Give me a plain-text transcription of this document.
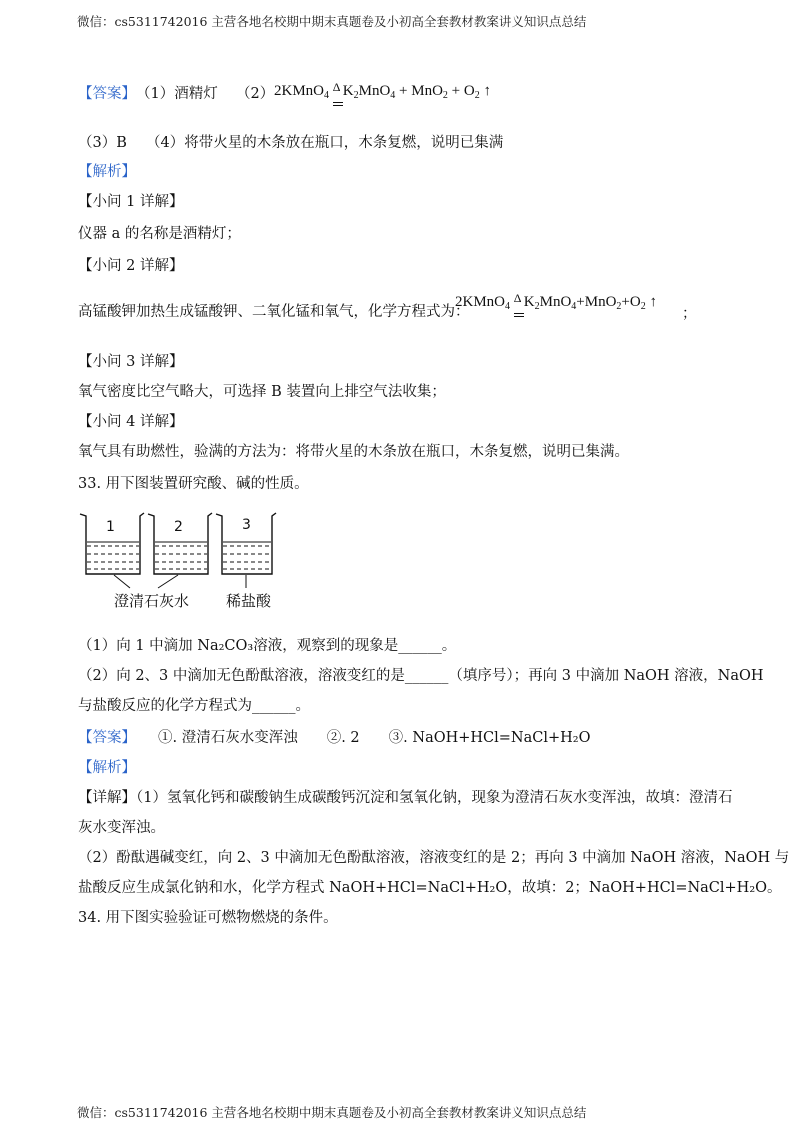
微信：cs5311742016 主营各地名校期中期末真题卷及小初高全套教材教案讲义知识点总结
【答案】 （1）酒精灯 （2） 2KMnO$_4$
Δ $K_2MnO_4 + MnO_2 + O_2$ ↑
（3）B （4）将带火星的木条放在瓶口，木条复燃，说明已集满
【解析】
【小问 1 详解】
仪器 a 的名称是酒精灯；
【小问 2 详解】
高锰酸钾加热生成锰酸钾、二氧化锰和氧气，化学方程式为：
2KMnO$_4$
Δ $K_2MnO_4+MnO_2+O_2$ ↑
；
【小问 3 详解】
氧气密度比空气略大，可选择 B 装置向上排空气法收集；
【小问 4 详解】
氧气具有助燃性，验满的方法为：将带火星的木条放在瓶口，木条复燃，说明已集满。
33. 用下图装置研究酸、碱的性质。
1	2	3
澄清石灰水 稀盐酸
（1）向 1 中滴加 Na₂CO₃溶液，观察到的现象是______。
（2）向 2、3 中滴加无色酚酞溶液，溶液变红的是______（填序号）；再向 3 中滴加 NaOH 溶液，NaOH
与盐酸反应的化学方程式为______。
【答案】 ①. 澄清石灰水变浑浊　　②. 2　　③. NaOH+HCl=NaCl+H₂O
【解析】
【详解】（1）氢氧化钙和碳酸钠生成碳酸钙沉淀和氢氧化钠，现象为澄清石灰水变浑浊，故填：澄清石
灰水变浑浊。
（2）酚酞遇碱变红，向 2、3 中滴加无色酚酞溶液，溶液变红的是 2；再向 3 中滴加 NaOH 溶液，NaOH 与
盐酸反应生成氯化钠和水，化学方程式 NaOH+HCl=NaCl+H₂O，故填：2；NaOH+HCl=NaCl+H₂O。
34. 用下图实验验证可燃物燃烧的条件。
微信：cs5311742016 主营各地名校期中期末真题卷及小初高全套教材教案讲义知识点总结
